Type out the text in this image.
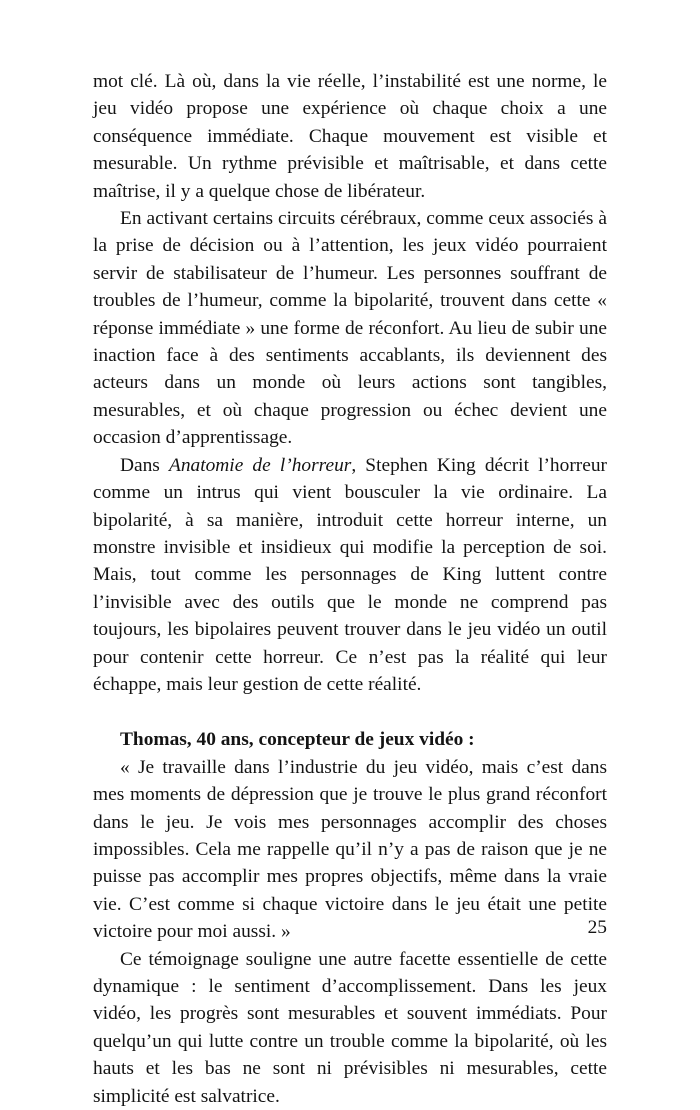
mot clé. Là où, dans la vie réelle, l’instabilité est une norme, le jeu vidéo propose une expérience où chaque choix a une conséquence immédiate. Chaque mouvement est visible et mesurable. Un rythme prévisible et maîtrisable, et dans cette maîtrise, il y a quelque chose de libérateur.

En activant certains circuits cérébraux, comme ceux associés à la prise de décision ou à l’attention, les jeux vidéo pourraient servir de stabilisateur de l’humeur. Les personnes souffrant de troubles de l’humeur, comme la bipolarité, trouvent dans cette « réponse immédiate » une forme de réconfort. Au lieu de subir une inaction face à des sentiments accablants, ils deviennent des acteurs dans un monde où leurs actions sont tangibles, mesurables, et où chaque progression ou échec devient une occasion d’apprentissage.

Dans Anatomie de l’horreur, Stephen King décrit l’horreur comme un intrus qui vient bousculer la vie ordinaire. La bipolarité, à sa manière, introduit cette horreur interne, un monstre invisible et insidieux qui modifie la perception de soi. Mais, tout comme les personnages de King luttent contre l’invisible avec des outils que le monde ne comprend pas toujours, les bipolaires peuvent trouver dans le jeu vidéo un outil pour contenir cette horreur. Ce n’est pas la réalité qui leur échappe, mais leur gestion de cette réalité.

Thomas, 40 ans, concepteur de jeux vidéo :

« Je travaille dans l’industrie du jeu vidéo, mais c’est dans mes moments de dépression que je trouve le plus grand réconfort dans le jeu. Je vois mes personnages accomplir des choses impossibles. Cela me rappelle qu’il n’y a pas de raison que je ne puisse pas accomplir mes propres objectifs, même dans la vraie vie. C’est comme si chaque victoire dans le jeu était une petite victoire pour moi aussi. »

Ce témoignage souligne une autre facette essentielle de cette dynamique : le sentiment d’accomplissement. Dans les jeux vidéo, les progrès sont mesurables et souvent immédiats. Pour quelqu’un qui lutte contre un trouble comme la bipolarité, où les hauts et les bas ne sont ni prévisibles ni mesurables, cette simplicité est salvatrice.

25
